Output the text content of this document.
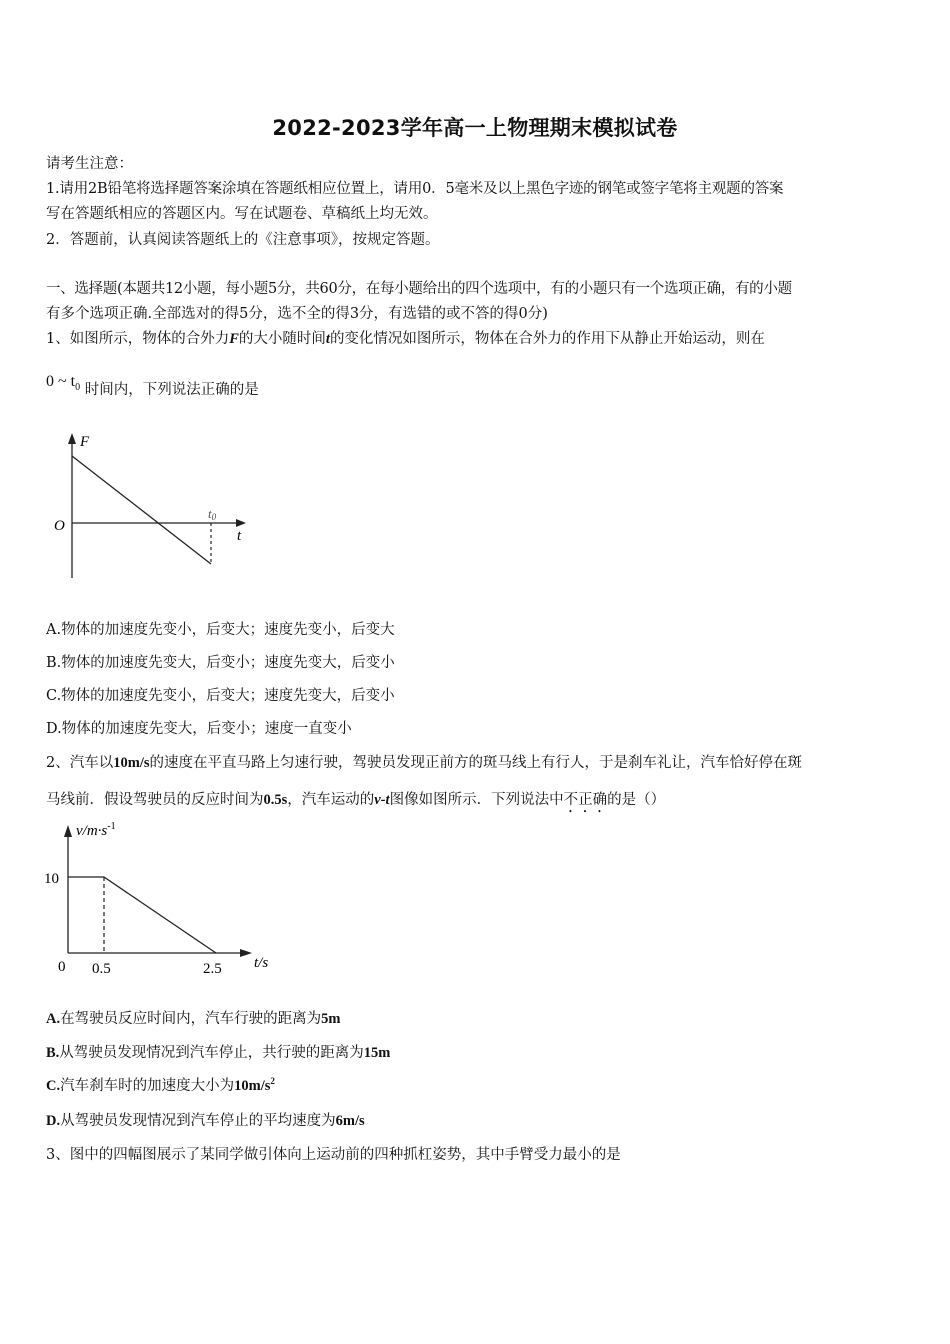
2022-2023学年高一上物理期末模拟试卷
请考生注意：
1.请用2B铅笔将选择题答案涂填在答题纸相应位置上，请用0．5毫米及以上黑色字迹的钢笔或签字笔将主观题的答案
写在答题纸相应的答题区内。写在试题卷、草稿纸上均无效。
2．答题前，认真阅读答题纸上的《注意事项》，按规定答题。
一、选择题(本题共12小题，每小题5分，共60分，在每小题给出的四个选项中，有的小题只有一个选项正确，有的小题
有多个选项正确.全部选对的得5分，选不全的得3分，有选错的或不答的得0分)
1、如图所示，物体的合外力F的大小随时间t的变化情况如图所示，物体在合外力的作用下从静止开始运动，则在
0 ~ $t_0$ 时间内，下列说法正确的是
F
O
t
t0
A.物体的加速度先变小，后变大；速度先变小，后变大
B.物体的加速度先变大，后变小；速度先变大，后变小
C.物体的加速度先变小，后变大；速度先变大，后变小
D.物体的加速度先变大，后变小；速度一直变小
2、汽车以10m/s的速度在平直马路上匀速行驶，驾驶员发现正前方的斑马线上有行人，于是刹车礼让，汽车恰好停在斑
马线前．假设驾驶员的反应时间为0.5s，汽车运动的v-t图像如图所示．下列说法中不正确的是（）
$v/m\cdot s^{-1}$
10
0 0.5	2.5 t/s
A.在驾驶员反应时间内，汽车行驶的距离为5m
B.从驾驶员发现情况到汽车停止，共行驶的距离为15m
C.汽车刹车时的加速度大小为$10m/s^2$
D.从驾驶员发现情况到汽车停止的平均速度为6m/s
3、图中的四幅图展示了某同学做引体向上运动前的四种抓杠姿势，其中手臂受力最小的是
